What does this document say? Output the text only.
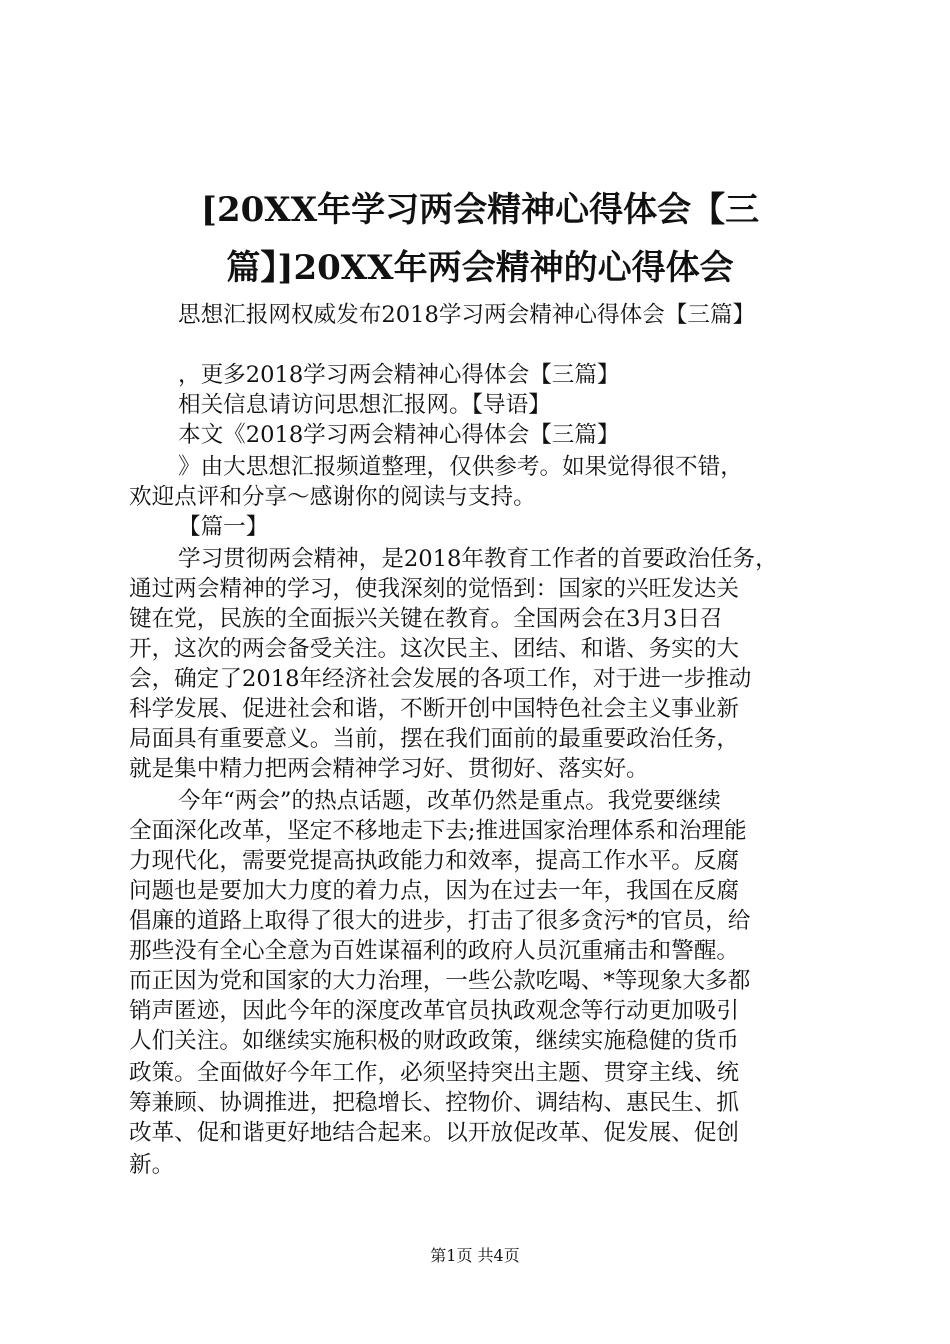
[20XX年学习两会精神心得体会【三
篇】]20XX年两会精神的心得体会
思想汇报网权威发布2018学习两会精神心得体会【三篇】
，更多2018学习两会精神心得体会【三篇】
相关信息请访问思想汇报网。【导语】
本文《2018学习两会精神心得体会【三篇】
》由大思想汇报频道整理，仅供参考。如果觉得很不错，
欢迎点评和分享～感谢你的阅读与支持。
【篇一】
学习贯彻两会精神，是2018年教育工作者的首要政治任务，
通过两会精神的学习，使我深刻的觉悟到：国家的兴旺发达关
键在党，民族的全面振兴关键在教育。全国两会在3月3日召
开，这次的两会备受关注。这次民主、团结、和谐、务实的大
会，确定了2018年经济社会发展的各项工作，对于进一步推动
科学发展、促进社会和谐，不断开创中国特色社会主义事业新
局面具有重要意义。当前，摆在我们面前的最重要政治任务，
就是集中精力把两会精神学习好、贯彻好、落实好。
今年“两会”的热点话题，改革仍然是重点。我党要继续
全面深化改革，坚定不移地走下去;推进国家治理体系和治理能
力现代化，需要党提高执政能力和效率，提高工作水平。反腐
问题也是要加大力度的着力点，因为在过去一年，我国在反腐
倡廉的道路上取得了很大的进步，打击了很多贪污*的官员，给
那些没有全心全意为百姓谋福利的政府人员沉重痛击和警醒。
而正因为党和国家的大力治理，一些公款吃喝、*等现象大多都
销声匿迹，因此今年的深度改革官员执政观念等行动更加吸引
人们关注。如继续实施积极的财政政策，继续实施稳健的货币
政策。全面做好今年工作，必须坚持突出主题、贯穿主线、统
筹兼顾、协调推进，把稳增长、控物价、调结构、惠民生、抓
改革、促和谐更好地结合起来。以开放促改革、促发展、促创
新。
第1页 共4页
